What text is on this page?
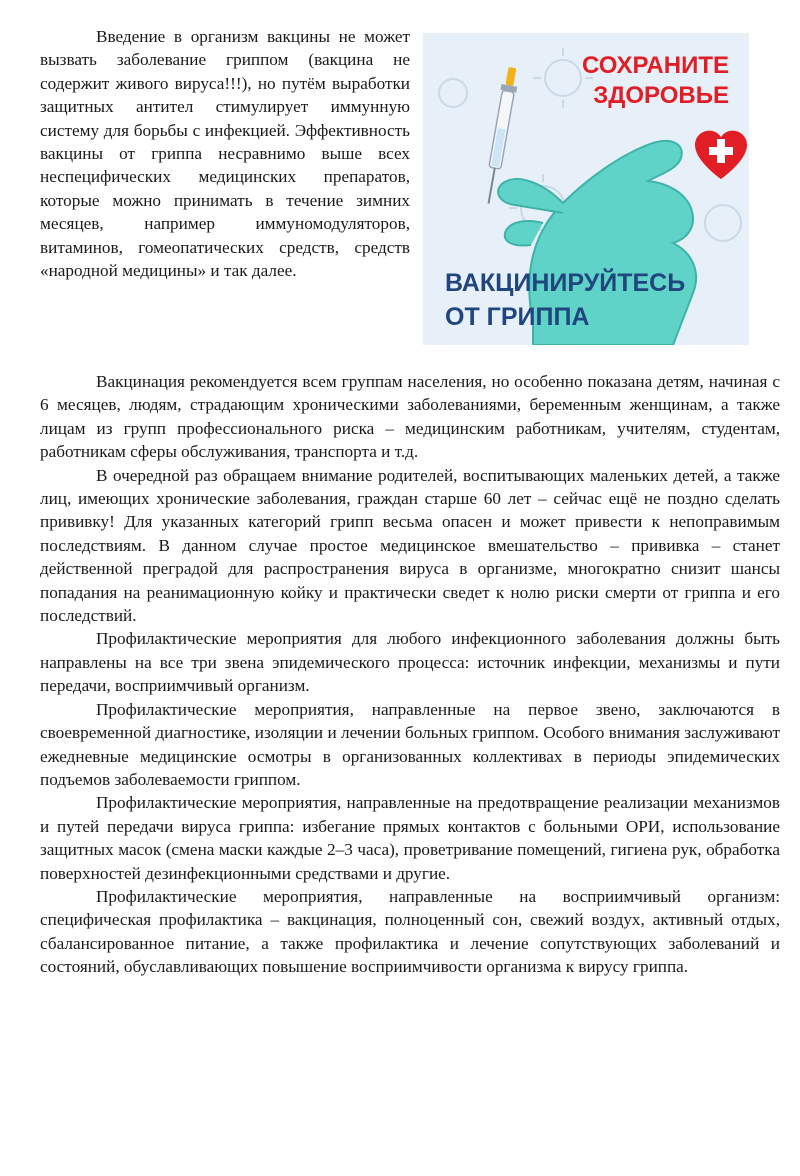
СОХРАНИТЕ
ЗДОРОВЬЕ
ВАКЦИНИРУЙТЕСЬ
ОТ ГРИППА

Введение в организм вакцины не может вызвать заболевание гриппом (вакцина не содержит живого вируса!!!), но путём выработки защитных антител стимулирует иммунную систему для борьбы с инфекцией. Эффективность вакцины от гриппа несравнимо выше всех неспецифических медицинских препаратов, которые можно принимать в течение зимних месяцев, например иммуномодуляторов, витаминов, гомеопатических средств, средств «народной медицины» и так далее.

Вакцинация рекомендуется всем группам населения, но особенно показана детям, начиная с 6 месяцев, людям, страдающим хроническими заболеваниями, беременным женщинам, а также лицам из групп профессионального риска – медицинским работникам, учителям, студентам, работникам сферы обслуживания, транспорта и т.д.

В очередной раз обращаем внимание родителей, воспитывающих маленьких детей, а также лиц, имеющих хронические заболевания, граждан старше 60 лет – сейчас ещё не поздно сделать прививку! Для указанных категорий грипп весьма опасен и может привести к непоправимым последствиям. В данном случае простое медицинское вмешательство – прививка – станет действенной преградой для распространения вируса в организме, многократно снизит шансы попадания на реанимационную койку и практически сведет к нолю риски смерти от гриппа и его последствий.

Профилактические мероприятия для любого инфекционного заболевания должны быть направлены на все три звена эпидемического процесса: источник инфекции, механизмы и пути передачи, восприимчивый организм.

Профилактические мероприятия, направленные на первое звено, заключаются в своевременной диагностике, изоляции и лечении больных гриппом. Особого внимания заслуживают ежедневные медицинские осмотры в организованных коллективах в периоды эпидемических подъемов заболеваемости гриппом.

Профилактические мероприятия, направленные на предотвращение реализации механизмов и путей передачи вируса гриппа: избегание прямых контактов с больными ОРИ, использование защитных масок (смена маски каждые 2–3 часа), проветривание помещений, гигиена рук, обработка поверхностей дезинфекционными средствами и другие.

Профилактические мероприятия, направленные на восприимчивый организм: специфическая профилактика – вакцинация, полноценный сон, свежий воздух, активный отдых, сбалансированное питание, а также профилактика и лечение сопутствующих заболеваний и состояний, обуславливающих повышение восприимчивости организма к вирусу гриппа.
